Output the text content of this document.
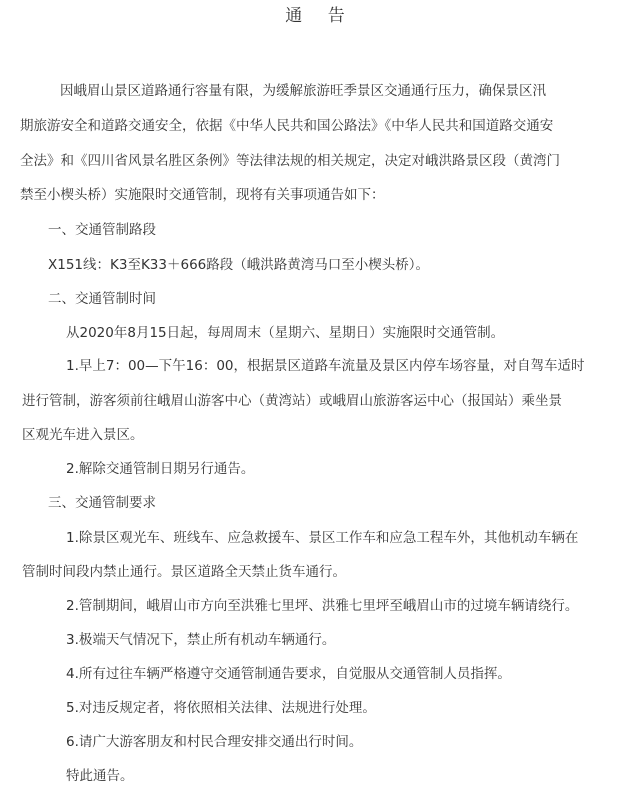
通 告
因峨眉山景区道路通行容量有限，为缓解旅游旺季景区交通通行压力，确保景区汛
期旅游安全和道路交通安全，依据《中华人民共和国公路法》《中华人民共和国道路交通安
全法》和《四川省风景名胜区条例》等法律法规的相关规定，决定对峨洪路景区段（黄湾门
禁至小楔头桥）实施限时交通管制，现将有关事项通告如下：
一、交通管制路段
X151线：K3至K33＋666路段（峨洪路黄湾马口至小楔头桥）。
二、交通管制时间
从2020年8月15日起，每周周末（星期六、星期日）实施限时交通管制。
1.早上7：00—下午16：00，根据景区道路车流量及景区内停车场容量，对自驾车适时
进行管制，游客须前往峨眉山游客中心（黄湾站）或峨眉山旅游客运中心（报国站）乘坐景
区观光车进入景区。
2.解除交通管制日期另行通告。
三、交通管制要求
1.除景区观光车、班线车、应急救援车、景区工作车和应急工程车外，其他机动车辆在
管制时间段内禁止通行。景区道路全天禁止货车通行。
2.管制期间，峨眉山市方向至洪雅七里坪、洪雅七里坪至峨眉山市的过境车辆请绕行。
3.极端天气情况下，禁止所有机动车辆通行。
4.所有过往车辆严格遵守交通管制通告要求，自觉服从交通管制人员指挥。
5.对违反规定者，将依照相关法律、法规进行处理。
6.请广大游客朋友和村民合理安排交通出行时间。
特此通告。
